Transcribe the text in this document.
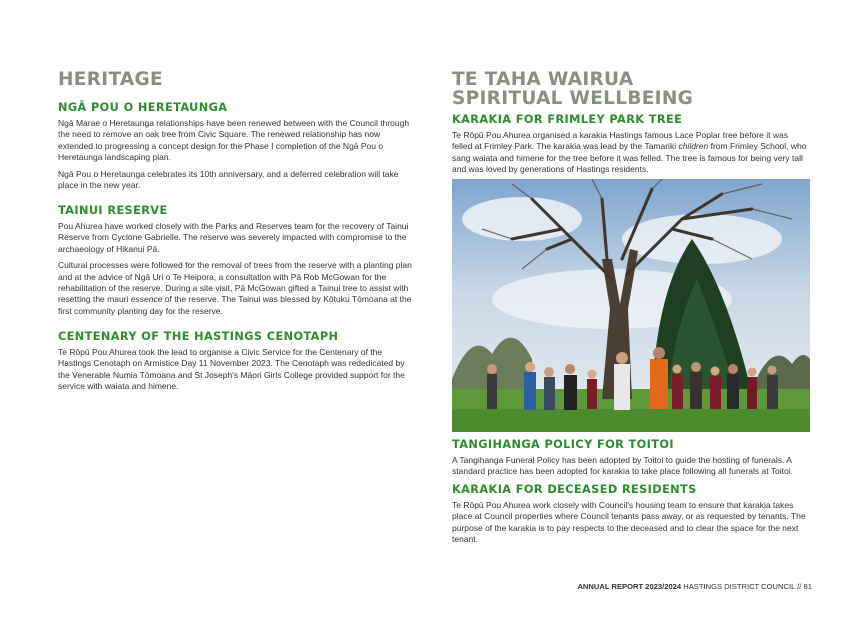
HERITAGE
NGĀ POU O HERETAUNGA

Ngā Marae o Heretaunga relationships have been renewed between with the Council through the need to remove an oak tree from Civic Square. The renewed relationship has now extended to progressing a concept design for the Phase I completion of the Ngā Pou o Heretaunga landscaping plan.

Ngā Pou o Heretaunga celebrates its 10th anniversary, and a deferred celebration will take place in the new year.

TAINUI RESERVE

Pou Ahurea have worked closely with the Parks and Reserves team for the recovery of Tainui Reserve from Cyclone Gabrielle. The reserve was severely impacted with compromise to the archaeology of Hikanui Pā.

Cultural processes were followed for the removal of trees from the reserve with a planting plan and at the advice of Ngā Uri o Te Heipora, a consultation with Pā Rob McGowan for the rehabilitation of the reserve. During a site visit, Pā McGowan gifted a Tainui tree to assist with resetting the mauri essence of the reserve. The Tainui was blessed by Kōtuku Tōmoana at the first community planting day for the reserve.

CENTENARY OF THE HASTINGS CENOTAPH

Te Rōpū Pou Ahurea took the lead to organise a Civic Service for the Centenary of the Hastings Cenotaph on Armistice Day 11 November 2023. The Cenotaph was rededicated by the Venerable Numia Tōmoana and St Joseph's Māori Girls College provided support for the service with waiata and himene.

TE TAHA WAIRUA
SPIRITUAL WELLBEING
KARAKIA FOR FRIMLEY PARK TREE

Te Rōpū Pou Ahurea organised a karakia Hastings famous Lace Poplar tree before it was felled at Frimley Park. The karakia was lead by the Tamariki children from Frimley School, who sang waiata and himene for the tree before it was felled. The tree is famous for being very tall and was loved by generations of Hastings residents.

TANGIHANGA POLICY FOR TOITOI

A Tangihanga Funeral Policy has been adopted by Toitoi to guide the hosting of funerals. A standard practice has been adopted for karakia to take place following all funerals at Toitoi.

KARAKIA FOR DECEASED RESIDENTS

Te Rōpū Pou Ahurea work closely with Council's housing team to ensure that karakia takes place at Council properties where Council tenants pass away, or as requested by tenants. The purpose of the karakia is to pay respects to the deceased and to clear the space for the next tenant.

ANNUAL REPORT 2023/2024 HASTINGS DISTRICT COUNCIL // 81
